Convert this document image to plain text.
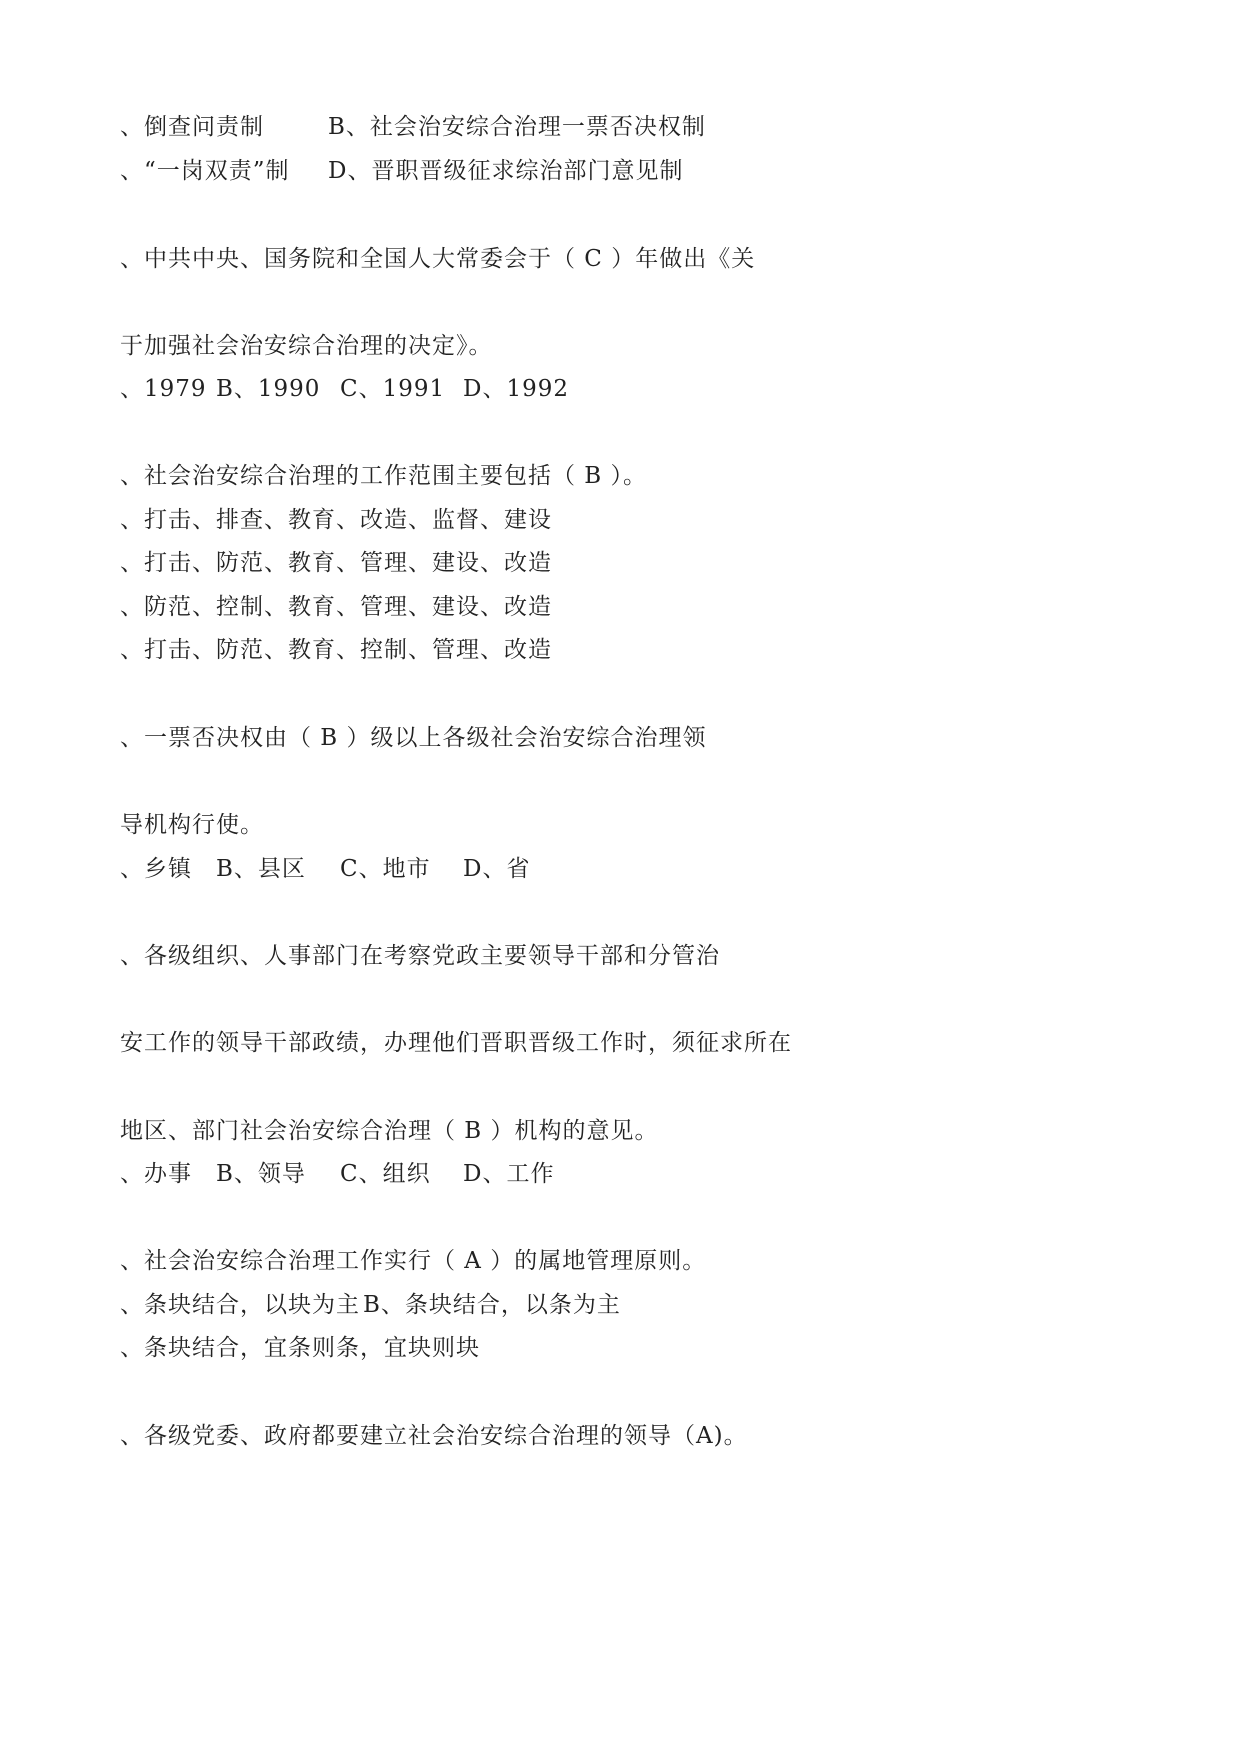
、倒查问责制	B、社会治安综合治理一票否决权制
、“一岗双责”制 D、晋职晋级征求综治部门意见制
、中共中央、国务院和全国人大常委会于（ C ）年做出《关
于加强社会治安综合治理的决定》。
、1979 B、1990 C、1991 D、1992
、社会治安综合治理的工作范围主要包括（ B ）。
、打击、排查、教育、改造、监督、建设
、打击、防范、教育、管理、建设、改造
、防范、控制、教育、管理、建设、改造
、打击、防范、教育、控制、管理、改造
、一票否决权由（ B ）级以上各级社会治安综合治理领
导机构行使。
、乡镇 B、县区 C、地市 D、省
、各级组织、人事部门在考察党政主要领导干部和分管治
安工作的领导干部政绩，办理他们晋职晋级工作时，须征求所在
地区、部门社会治安综合治理（ B ）机构的意见。
、办事 B、领导 C、组织 D、工作
、社会治安综合治理工作实行（ A ）的属地管理原则。
、条块结合，以块为主 B、条块结合，以条为主
、条块结合，宜条则条，宜块则块
、各级党委、政府都要建立社会治安综合治理的领导（A)。
